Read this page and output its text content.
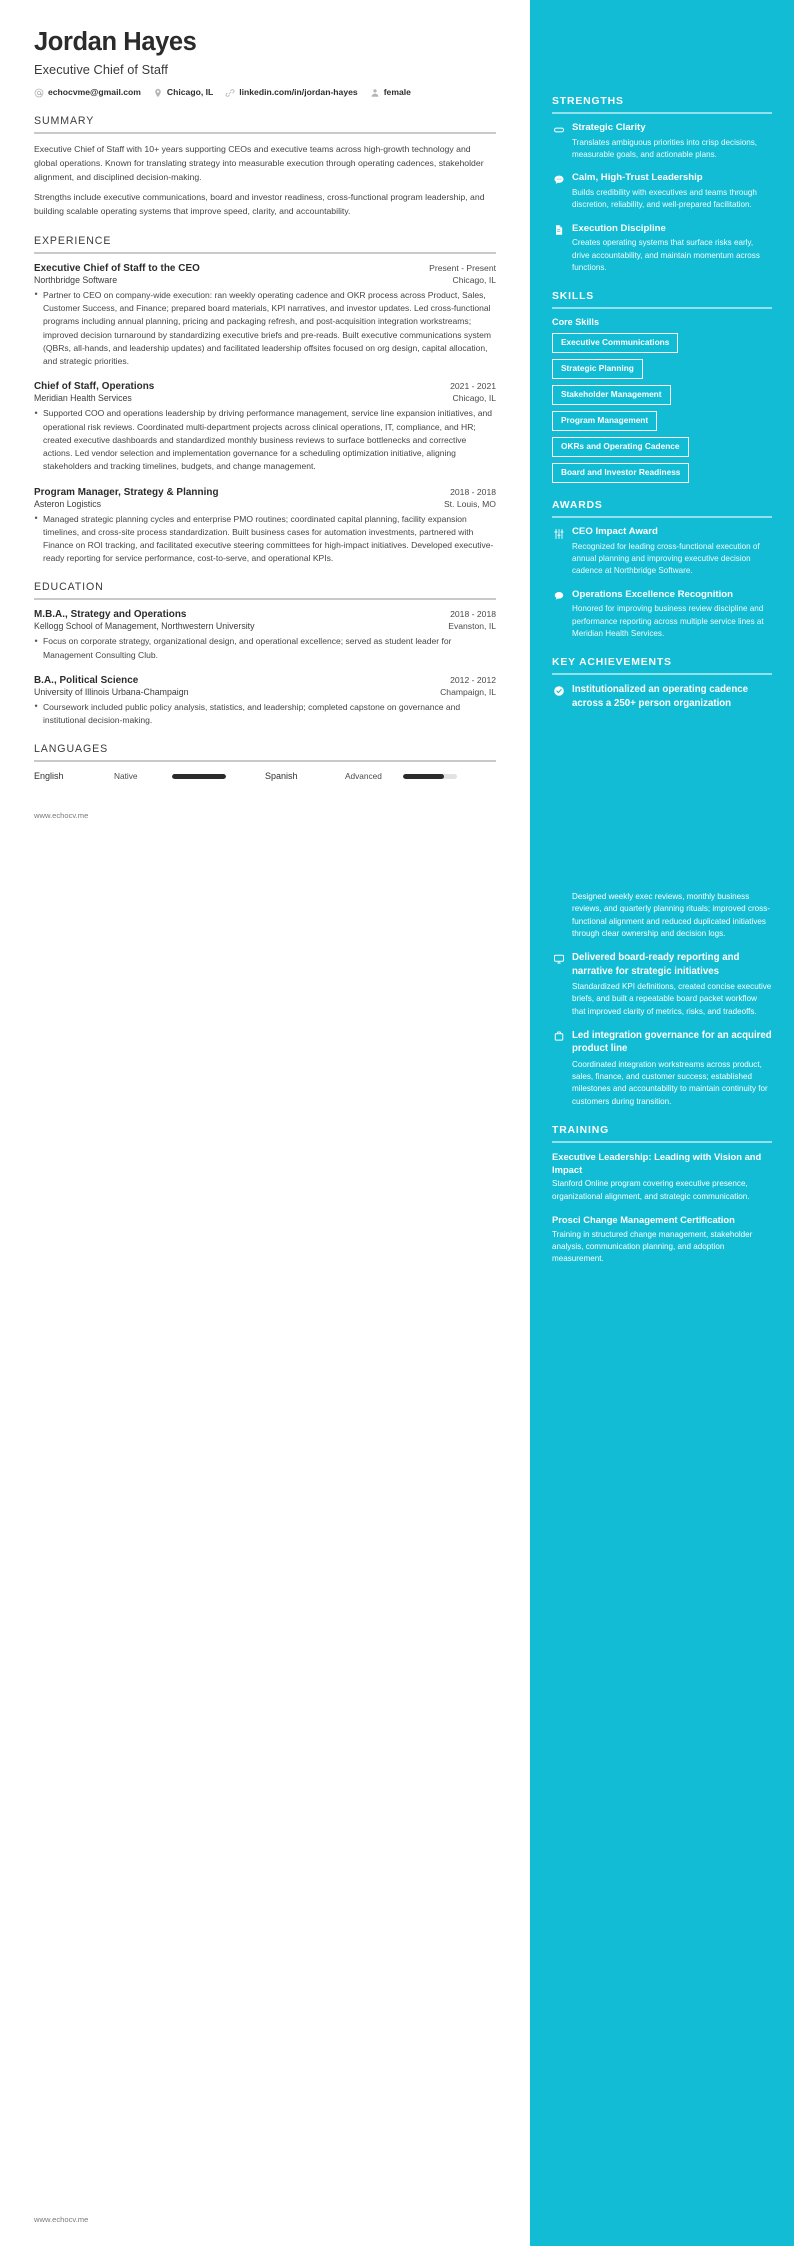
Jordan Hayes
Executive Chief of Staff
echocvme@gmail.com	Chicago, IL	linkedin.com/in/jordan-hayes	female
SUMMARY

Executive Chief of Staff with 10+ years supporting CEOs and executive teams across high-growth technology and global operations. Known for translating strategy into measurable execution through operating cadences, stakeholder alignment, and disciplined decision-making.

Strengths include executive communications, board and investor readiness, cross-functional program leadership, and building scalable operating systems that improve speed, clarity, and accountability.

EXPERIENCE
Executive Chief of Staff to the CEO	Present - Present
Northbridge Software	Chicago, IL
• Partner to CEO on company-wide execution: ran weekly operating cadence and OKR process across Product, Sales, Customer Success, and Finance; prepared board materials, KPI narratives, and investor updates. Led cross-functional programs including annual planning, pricing and packaging refresh, and post-acquisition integration workstreams; improved decision turnaround by standardizing executive briefs and pre-reads. Built executive communications system (QBRs, all-hands, and leadership updates) and facilitated leadership offsites focused on org design, capital allocation, and strategic priorities.
Chief of Staff, Operations	2021 - 2021
Meridian Health Services	Chicago, IL
• Supported COO and operations leadership by driving performance management, service line expansion initiatives, and operational risk reviews. Coordinated multi-department projects across clinical operations, IT, compliance, and HR; created executive dashboards and standardized monthly business reviews to surface bottlenecks and corrective actions. Led vendor selection and implementation governance for a scheduling optimization initiative, aligning stakeholders and tracking timelines, budgets, and change management.
Program Manager, Strategy & Planning	2018 - 2018
Asteron Logistics	St. Louis, MO
• Managed strategic planning cycles and enterprise PMO routines; coordinated capital planning, facility expansion timelines, and cross-site process standardization. Built business cases for automation investments, partnered with Finance on ROI tracking, and facilitated executive steering committees for high-impact initiatives. Developed executive-ready reporting for service performance, cost-to-serve, and operational KPIs.
EDUCATION
M.B.A., Strategy and Operations	2018 - 2018
Kellogg School of Management, Northwestern University	Evanston, IL
• Focus on corporate strategy, organizational design, and operational excellence; served as student leader for Management Consulting Club.
B.A., Political Science	2012 - 2012
University of Illinois Urbana-Champaign	Champaign, IL
• Coursework included public policy analysis, statistics, and leadership; completed capstone on governance and institutional decision-making.
LANGUAGES
English	Native	Spanish	Advanced
www.echocv.me
www.echocv.me
STRENGTHS
Strategic Clarity
Translates ambiguous priorities into crisp decisions, measurable goals, and actionable plans.
Calm, High-Trust Leadership
Builds credibility with executives and teams through discretion, reliability, and well-prepared facilitation.
Execution Discipline
Creates operating systems that surface risks early, drive accountability, and maintain momentum across functions.
SKILLS
Core Skills
Executive Communications
Strategic Planning
Stakeholder Management
Program Management
OKRs and Operating Cadence
Board and Investor Readiness
AWARDS
CEO Impact Award
Recognized for leading cross-functional execution of annual planning and improving executive decision cadence at Northbridge Software.
Operations Excellence Recognition
Honored for improving business review discipline and performance reporting across multiple service lines at Meridian Health Services.
KEY ACHIEVEMENTS
Institutionalized an operating cadence across a 250+ person organization
Designed weekly exec reviews, monthly business reviews, and quarterly planning rituals; improved cross-functional alignment and reduced duplicated initiatives through clear ownership and decision logs.
Delivered board-ready reporting and narrative for strategic initiatives
Standardized KPI definitions, created concise executive briefs, and built a repeatable board packet workflow that improved clarity of metrics, risks, and tradeoffs.
Led integration governance for an acquired product line
Coordinated integration workstreams across product, sales, finance, and customer success; established milestones and accountability to maintain continuity for customers during transition.
TRAINING
Executive Leadership: Leading with Vision and Impact
Stanford Online program covering executive presence, organizational alignment, and strategic communication.
Prosci Change Management Certification
Training in structured change management, stakeholder analysis, communication planning, and adoption measurement.
